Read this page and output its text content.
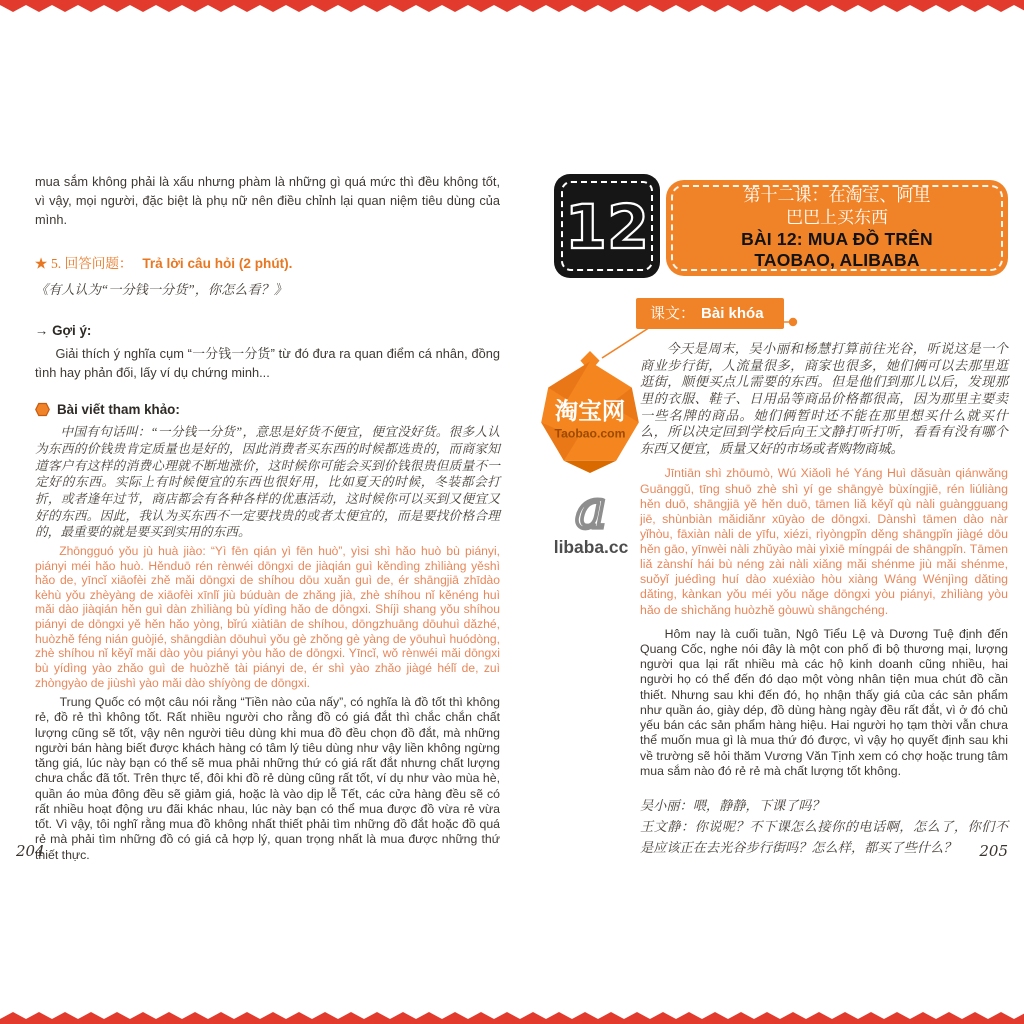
mua sắm không phải là xấu nhưng phàm là những gì quá mức thì đều không tốt, vì vậy, mọi người, đặc biệt là phụ nữ nên điều chỉnh lại quan niệm tiêu dùng của mình.

★ 5. 回答问题： Trả lời câu hỏi (2 phút).

《有人认为“一分钱一分货”，你怎么看？》

→ Gợi ý:

Giải thích ý nghĩa cụm “一分钱一分货” từ đó đưa ra quan điểm cá nhân, đồng tình hay phản đối, lấy ví dụ chứng minh...

Bài viết tham khảo:

中国有句话叫：“一分钱一分货”，意思是好货不便宜，便宜没好货。很多人认为东西的价钱贵肯定质量也是好的，因此消费者买东西的时候都选贵的，而商家知道客户有这样的消费心理就不断地涨价，这时候你可能会买到价钱很贵但质量不一定好的东西。实际上有时候便宜的东西也很好用，比如夏天的时候，冬装都会打折，或者逢年过节，商店都会有各种各样的优惠活动，这时候你可以买到又便宜又好的东西。因此，我认为买东西不一定要找贵的或者太便宜的，而是要找价格合理的，最重要的就是要买到实用的东西。

Zhōngguó yǒu jù huà jiào: “Yì fēn qián yì fēn huò”, yìsi shì hǎo huò bù piányi, piányi méi hǎo huò. Hěnduō rén rènwéi dōngxi de jiàqián guì kěndìng zhìliàng yěshì hǎo de, yīncǐ xiāofèi zhě mǎi dōngxi de shíhou dōu xuǎn guì de, ér shāngjiā zhīdào kèhù yǒu zhèyàng de xiāofèi xīnlǐ jiù búduàn de zhǎng jià, zhè shíhou nǐ kěnéng huì mǎi dào jiàqián hěn guì dàn zhìliàng bù yídìng hǎo de dōngxi. Shíjì shang yǒu shíhou piányi de dōngxi yě hěn hǎo yòng, bǐrú xiàtiān de shíhou, dōngzhuāng dōuhuì dǎzhé, huòzhě féng nián guòjié, shāngdiàn dōuhuì yǒu gè zhǒng gè yàng de yōuhuì huódòng, zhè shíhou nǐ kěyǐ mǎi dào yòu piányi yòu hǎo de dōngxi. Yīncǐ, wǒ rènwéi mǎi dōngxi bù yídìng yào zhǎo guì de huòzhě tài piányi de, ér shì yào zhǎo jiàgé hélǐ de, zuì zhòngyào de jiùshì yào mǎi dào shíyòng de dōngxi.

Trung Quốc có một câu nói rằng “Tiền nào của nấy”, có nghĩa là đồ tốt thì không rẻ, đồ rẻ thì không tốt. Rất nhiều người cho rằng đồ có giá đắt thì chắc chắn chất lượng cũng sẽ tốt, vậy nên người tiêu dùng khi mua đồ đều chọn đồ đắt, mà những người bán hàng biết được khách hàng có tâm lý tiêu dùng như vậy liền không ngừng tăng giá, lúc này bạn có thể sẽ mua phải những thứ có giá rất đắt nhưng chất lượng chưa chắc đã tốt. Trên thực tế, đôi khi đồ rẻ dùng cũng rất tốt, ví dụ như vào mùa hè, quần áo mùa đông đều sẽ giảm giá, hoặc là vào dịp lễ Tết, các cửa hàng đều sẽ có rất nhiều hoạt động ưu đãi khác nhau, lúc này bạn có thể mua được đồ vừa rẻ vừa tốt. Vì vậy, tôi nghĩ rằng mua đồ không nhất thiết phải tìm những đồ đắt hoặc đồ quá rẻ mà phải tìm những đồ có giá cả hợp lý, quan trọng nhất là mua được những thứ thiết thực.

204
12	第十二课：在淘宝、阿里
巴巴上买东西
BÀI 12: MUA ĐỒ TRÊN
TAOBAO, ALIBABA
课文： Bài khóa
淘宝网
Taobao.com

a
libaba.cc

今天是周末，吴小丽和杨慧打算前往光谷，听说这是一个商业步行街，人流量很多，商家也很多，她们俩可以去那里逛逛街，顺便买点儿需要的东西。但是他们到那儿以后，发现那里的衣服、鞋子、日用品等商品价格都很高，因为那里主要卖一些名牌的商品。她们俩暂时还不能在那里想买什么就买什么，所以决定回到学校后向王文静打听打听，看看有没有哪个东西又便宜，质量又好的市场或者购物商城。

Jīntiān shì zhōumò, Wú Xiǎolì hé Yáng Huì dǎsuàn qiánwǎng Guānggǔ, tīng shuō zhè shì yí ge shāngyè bùxíngjiē, rén liúliàng hěn duō, shāngjiā yě hěn duō, tāmen liǎ kěyǐ qù nàli guàngguang jiē, shùnbiàn mǎidiǎnr xūyào de dōngxi. Dànshì tāmen dào nàr yǐhòu, fāxiàn nàli de yīfu, xiézi, rìyòngpǐn děng shāngpǐn jiàgé dōu hěn gāo, yīnwèi nàli zhǔyào mài yìxiē míngpái de shāngpǐn. Tāmen liǎ zànshí hái bù néng zài nàli xiǎng mǎi shénme jiù mǎi shénme, suǒyǐ juédìng huí dào xuéxiào hòu xiàng Wáng Wénjìng dǎting dǎting, kànkan yǒu méi yǒu nǎge dōngxi yòu piányi, zhìliàng yòu hǎo de shìchǎng huòzhě gòuwù shāngchéng.

Hôm nay là cuối tuần, Ngô Tiểu Lệ và Dương Tuệ định đến Quang Cốc, nghe nói đây là một con phố đi bộ thương mại, lượng người qua lại rất nhiều mà các hộ kinh doanh cũng nhiều, hai người họ có thể đến đó dạo một vòng nhân tiện mua chút đồ cần thiết. Nhưng sau khi đến đó, họ nhận thấy giá của các sản phẩm như quần áo, giày dép, đồ dùng hàng ngày đều rất đắt, vì ở đó chủ yếu bán các sản phẩm hàng hiệu. Hai người họ tạm thời vẫn chưa thể muốn mua gì là mua thứ đó được, vì vậy họ quyết định sau khi về trường sẽ hỏi thăm Vương Văn Tịnh xem có chợ hoặc trung tâm mua sắm nào đó rẻ rẻ mà chất lượng tốt không.

吴小丽：喂，静静，下课了吗？

王文静：你说呢？不下课怎么接你的电话啊，怎么了，你们不是应该正在去光谷步行街吗？怎么样，都买了些什么？	205
